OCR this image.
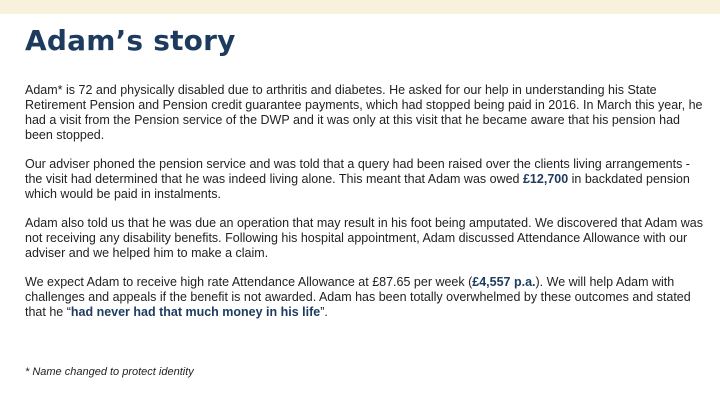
Adam’s story

Adam* is 72 and physically disabled due to arthritis and diabetes. He asked for our help in understanding his State Retirement Pension and Pension credit guarantee payments, which had stopped being paid in 2016. In March this year, he had a visit from the Pension service of the DWP and it was only at this visit that he became aware that his pension had been stopped.

Our adviser phoned the pension service and was told that a query had been raised over the clients living arrangements - the visit had determined that he was indeed living alone. This meant that Adam was owed £12,700 in backdated pension which would be paid in instalments.

Adam also told us that he was due an operation that may result in his foot being amputated. We discovered that Adam was not receiving any disability benefits. Following his hospital appointment, Adam discussed Attendance Allowance with our adviser and we helped him to make a claim.

We expect Adam to receive high rate Attendance Allowance at £87.65 per week (£4,557 p.a.). We will help Adam with challenges and appeals if the benefit is not awarded. Adam has been totally overwhelmed by these outcomes and stated that he “had never had that much money in his life”.

* Name changed to protect identity
